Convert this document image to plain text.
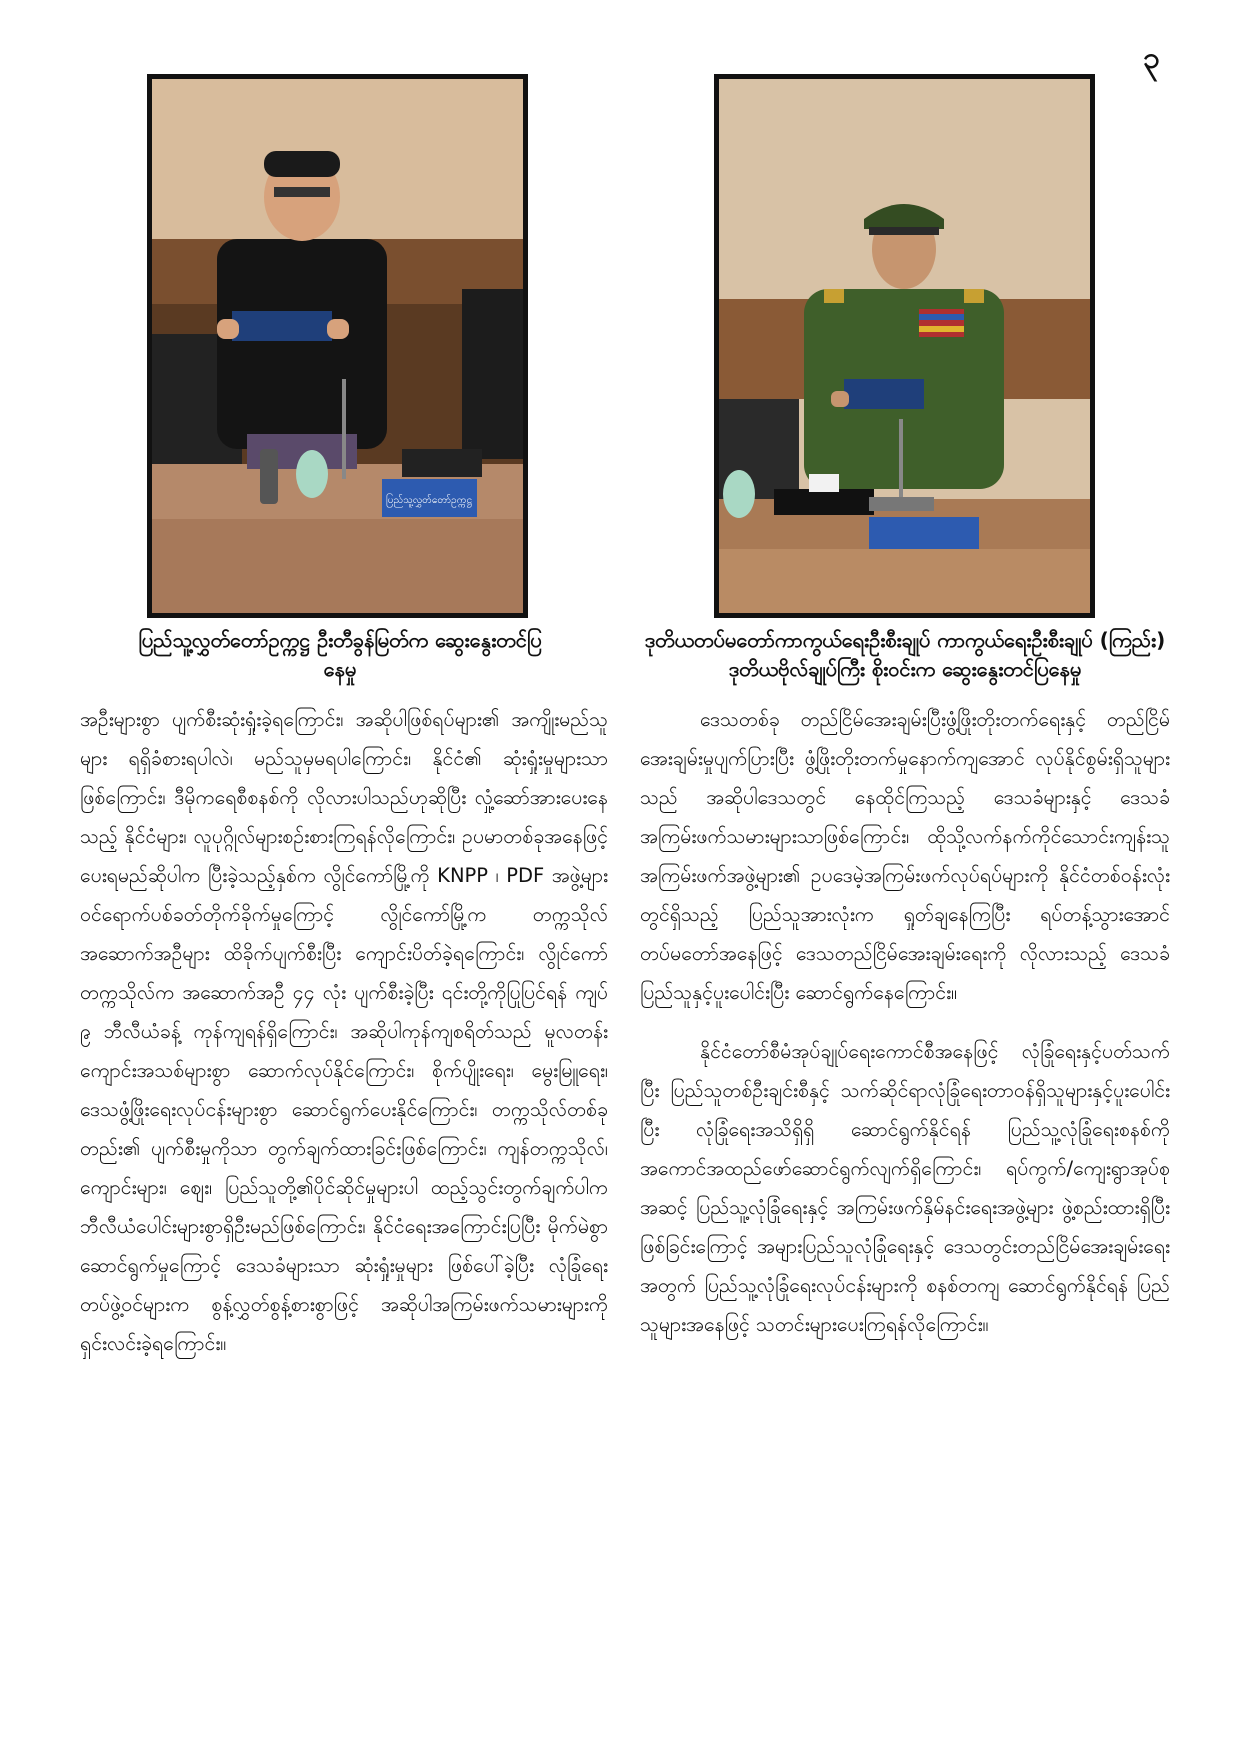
၃
ပြည်သူ့လွှတ်တော်ဥက္ကဋ္ဌ
ပြည်သူ့လွှတ်တော်ဥက္ကဋ္ဌ ဦးတီခွန်မြတ်က ဆွေးနွေးတင်ပြနေမှု
ဒုတိယတပ်မတော်ကာကွယ်ရေးဦးစီးချုပ် ကာကွယ်ရေးဦးစီးချုပ် (ကြည်း) ဒုတိယဗိုလ်ချုပ်ကြီး စိုးဝင်းက ဆွေးနွေးတင်ပြနေမှု

အဦးများစွာ ပျက်စီးဆုံးရှုံးခဲ့ရကြောင်း၊ အဆိုပါဖြစ်ရပ်များ၏ အကျိုးမည်သူများ ရရှိခံစားရပါလဲ၊ မည်သူမှမရပါကြောင်း၊ နိုင်ငံ၏ ဆုံးရှုံးမှုများသာ ဖြစ်ကြောင်း၊ ဒီမိုကရေစီစနစ်ကို လိုလားပါသည်ဟုဆိုပြီး လှုံ့ဆော်အားပေးနေသည့် နိုင်ငံများ၊ လူပုဂ္ဂိုလ်များစဉ်းစားကြရန်လိုကြောင်း၊ ဥပမာတစ်ခုအနေဖြင့် ပေးရမည်ဆိုပါက ပြီးခဲ့သည့်နှစ်က လွိုင်ကော်မြို့ကို KNPP ၊ PDF အဖွဲ့များ ဝင်ရောက်ပစ်ခတ်တိုက်ခိုက်မှုကြောင့် လွိုင်ကော်မြို့က တက္ကသိုလ်အဆောက်အဦများ ထိခိုက်ပျက်စီးပြီး ကျောင်းပိတ်ခဲ့ရကြောင်း၊ လွိုင်ကော်တက္ကသိုလ်က အဆောက်အဦ ၄၄ လုံး ပျက်စီးခဲ့ပြီး ၎င်းတို့ကိုပြုပြင်ရန် ကျပ် ၉ ဘီလီယံခန့် ကုန်ကျရန်ရှိကြောင်း၊ အဆိုပါကုန်ကျစရိတ်သည် မူလတန်းကျောင်းအသစ်များစွာ ဆောက်လုပ်နိုင်ကြောင်း၊ စိုက်ပျိုးရေး၊ မွေးမြူရေး၊ ဒေသဖွံ့ဖြိုးရေးလုပ်ငန်းများစွာ ဆောင်ရွက်ပေးနိုင်ကြောင်း၊ တက္ကသိုလ်တစ်ခုတည်း၏ ပျက်စီးမှုကိုသာ တွက်ချက်ထားခြင်းဖြစ်ကြောင်း၊ ကျန်တက္ကသိုလ်၊ ကျောင်းများ၊ ဈေး၊ ပြည်သူတို့၏ပိုင်ဆိုင်မှုများပါ ထည့်သွင်းတွက်ချက်ပါက ဘီလီယံပေါင်းများစွာရှိဦးမည်ဖြစ်ကြောင်း၊ နိုင်ငံရေးအကြောင်းပြပြီး မိုက်မဲစွာ ဆောင်ရွက်မှုကြောင့် ဒေသခံများသာ ဆုံးရှုံးမှုများ ဖြစ်ပေါ်ခဲ့ပြီး လုံခြုံရေးတပ်ဖွဲ့ဝင်များက စွန့်လွှတ်စွန့်စားစွာဖြင့် အဆိုပါအကြမ်းဖက်သမားများကို ရှင်းလင်းခဲ့ရကြောင်း။

ဒေသတစ်ခု တည်ငြိမ်အေးချမ်းပြီးဖွံ့ဖြိုးတိုးတက်ရေးနှင့် တည်ငြိမ်အေးချမ်းမှုပျက်ပြားပြီး ဖွံ့ဖြိုးတိုးတက်မှုနောက်ကျအောင် လုပ်နိုင်စွမ်းရှိသူများသည် အဆိုပါဒေသတွင် နေထိုင်ကြသည့် ဒေသခံများနှင့် ဒေသခံအကြမ်းဖက်သမားများသာဖြစ်ကြောင်း၊ ထိုသို့လက်နက်ကိုင်သောင်းကျန်းသူအကြမ်းဖက်အဖွဲ့များ၏ ဥပဒေမဲ့အကြမ်းဖက်လုပ်ရပ်များကို နိုင်ငံတစ်ဝန်းလုံးတွင်ရှိသည့် ပြည်သူအားလုံးက ရှုတ်ချနေကြပြီး ရပ်တန့်သွားအောင် တပ်မတော်အနေဖြင့် ဒေသတည်ငြိမ်အေးချမ်းရေးကို လိုလားသည့် ဒေသခံပြည်သူနှင့်ပူးပေါင်းပြီး ဆောင်ရွက်နေကြောင်း။

နိုင်ငံတော်စီမံအုပ်ချုပ်ရေးကောင်စီအနေဖြင့် လုံခြုံရေးနှင့်ပတ်သက်ပြီး ပြည်သူတစ်ဦးချင်းစီနှင့် သက်ဆိုင်ရာလုံခြုံရေးတာဝန်ရှိသူများနှင့်ပူးပေါင်းပြီး လုံခြုံရေးအသိရှိရှိ ဆောင်ရွက်နိုင်ရန် ပြည်သူ့လုံခြုံရေးစနစ်ကို အကောင်အထည်ဖော်ဆောင်ရွက်လျက်ရှိကြောင်း၊ ရပ်ကွက်/ကျေးရွာအုပ်စုအဆင့် ပြည်သူ့လုံခြုံရေးနှင့် အကြမ်းဖက်နှိမ်နင်းရေးအဖွဲ့များ ဖွဲ့စည်းထားရှိပြီးဖြစ်ခြင်းကြောင့် အများပြည်သူလုံခြုံရေးနှင့် ဒေသတွင်းတည်ငြိမ်အေးချမ်းရေးအတွက် ပြည်သူ့လုံခြုံရေးလုပ်ငန်းများကို စနစ်တကျ ဆောင်ရွက်နိုင်ရန် ပြည်သူများအနေဖြင့် သတင်းများပေးကြရန်လိုကြောင်း။
